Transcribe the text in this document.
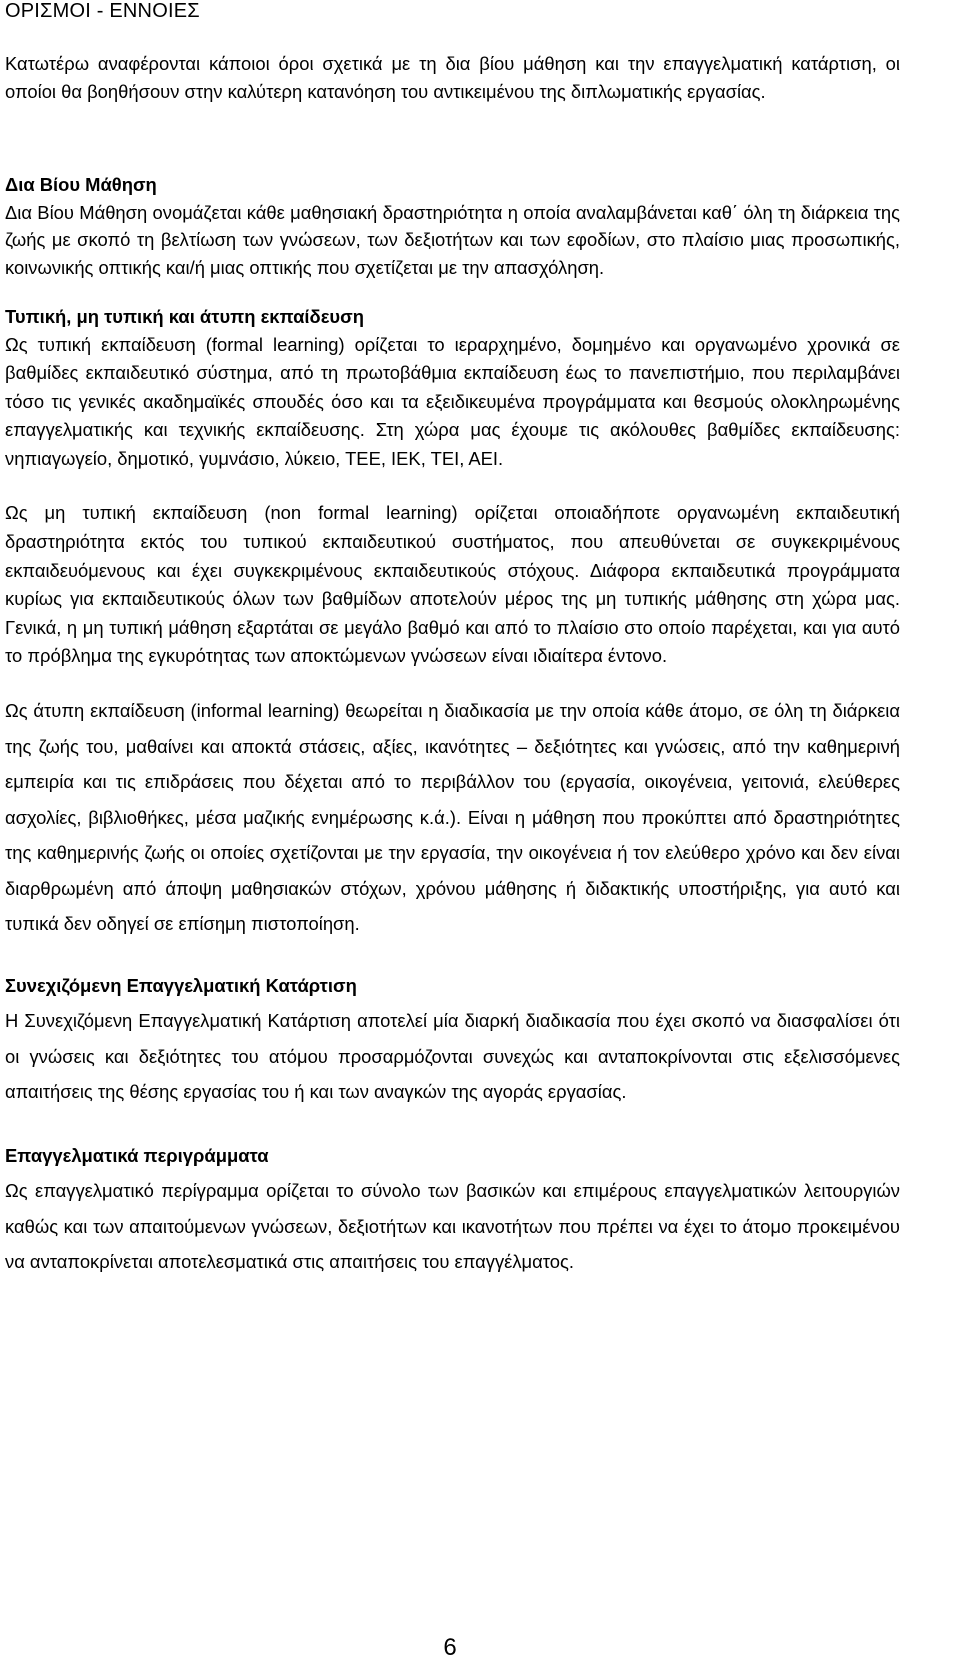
ΟΡΙΣΜΟΙ - ΕΝΝΟΙΕΣ

Κατωτέρω αναφέρονται κάποιοι όροι σχετικά με τη δια βίου μάθηση και την επαγγελματική κατάρτιση, οι οποίοι θα βοηθήσουν στην καλύτερη κατανόηση του αντικειμένου της διπλωματικής εργασίας.

Δια Βίου Μάθηση

Δια Βίου Μάθηση ονομάζεται κάθε μαθησιακή δραστηριότητα η οποία αναλαμβάνεται καθ΄ όλη τη διάρκεια της ζωής με σκοπό τη βελτίωση των γνώσεων, των δεξιοτήτων και των εφοδίων, στο πλαίσιο μιας προσωπικής, κοινωνικής οπτικής και/ή μιας οπτικής που σχετίζεται με την απασχόληση.

Τυπική, μη τυπική και άτυπη εκπαίδευση

Ως τυπική εκπαίδευση (formal learning) ορίζεται το ιεραρχημένο, δομημένο και οργανωμένο χρονικά σε βαθμίδες εκπαιδευτικό σύστημα, από τη πρωτοβάθμια εκπαίδευση έως το πανεπιστήμιο, που περιλαμβάνει τόσο τις γενικές ακαδημαϊκές σπουδές όσο και τα εξειδικευμένα προγράμματα και θεσμούς ολοκληρωμένης επαγγελματικής και τεχνικής εκπαίδευσης. Στη χώρα μας έχουμε τις ακόλουθες βαθμίδες εκπαίδευσης: νηπιαγωγείο, δημοτικό, γυμνάσιο, λύκειο, ΤΕΕ, ΙΕΚ, ΤΕΙ, ΑΕΙ.

Ως μη τυπική εκπαίδευση (non formal learning) ορίζεται οποιαδήποτε οργανωμένη εκπαιδευτική δραστηριότητα εκτός του τυπικού εκπαιδευτικού συστήματος, που απευθύνεται σε συγκεκριμένους εκπαιδευόμενους και έχει συγκεκριμένους εκπαιδευτικούς στόχους. Διάφορα εκπαιδευτικά προγράμματα κυρίως για εκπαιδευτικούς όλων των βαθμίδων αποτελούν μέρος της μη τυπικής μάθησης στη χώρα μας. Γενικά, η μη τυπική μάθηση εξαρτάται σε μεγάλο βαθμό και από το πλαίσιο στο οποίο παρέχεται, και για αυτό το πρόβλημα της εγκυρότητας των αποκτώμενων γνώσεων είναι ιδιαίτερα έντονο.

Ως άτυπη εκπαίδευση (informal learning) θεωρείται η διαδικασία με την οποία κάθε άτομο, σε όλη τη διάρκεια της ζωής του, μαθαίνει και αποκτά στάσεις, αξίες, ικανότητες – δεξιότητες και γνώσεις, από την καθημερινή εμπειρία και τις επιδράσεις που δέχεται από το περιβάλλον του (εργασία, οικογένεια, γειτονιά, ελεύθερες ασχολίες, βιβλιοθήκες, μέσα μαζικής ενημέρωσης κ.ά.). Είναι η μάθηση που προκύπτει από δραστηριότητες της καθημερινής ζωής οι οποίες σχετίζονται με την εργασία, την οικογένεια ή τον ελεύθερο χρόνο και δεν είναι διαρθρωμένη από άποψη μαθησιακών στόχων, χρόνου μάθησης ή διδακτικής υποστήριξης, για αυτό και τυπικά δεν οδηγεί σε επίσημη πιστοποίηση.

Συνεχιζόμενη Επαγγελματική Κατάρτιση

Η Συνεχιζόμενη Επαγγελματική Κατάρτιση αποτελεί μία διαρκή διαδικασία που έχει σκοπό να διασφαλίσει ότι οι γνώσεις και δεξιότητες του ατόμου προσαρμόζονται συνεχώς και ανταποκρίνονται στις εξελισσόμενες απαιτήσεις της θέσης εργασίας του ή και των αναγκών της αγοράς εργασίας.

Επαγγελματικά περιγράμματα

Ως επαγγελματικό περίγραμμα ορίζεται το σύνολο των βασικών και επιμέρους επαγγελματικών λειτουργιών καθώς και των απαιτούμενων γνώσεων, δεξιοτήτων και ικανοτήτων που πρέπει να έχει το άτομο προκειμένου να ανταποκρίνεται αποτελεσματικά στις απαιτήσεις του επαγγέλματος.

6
